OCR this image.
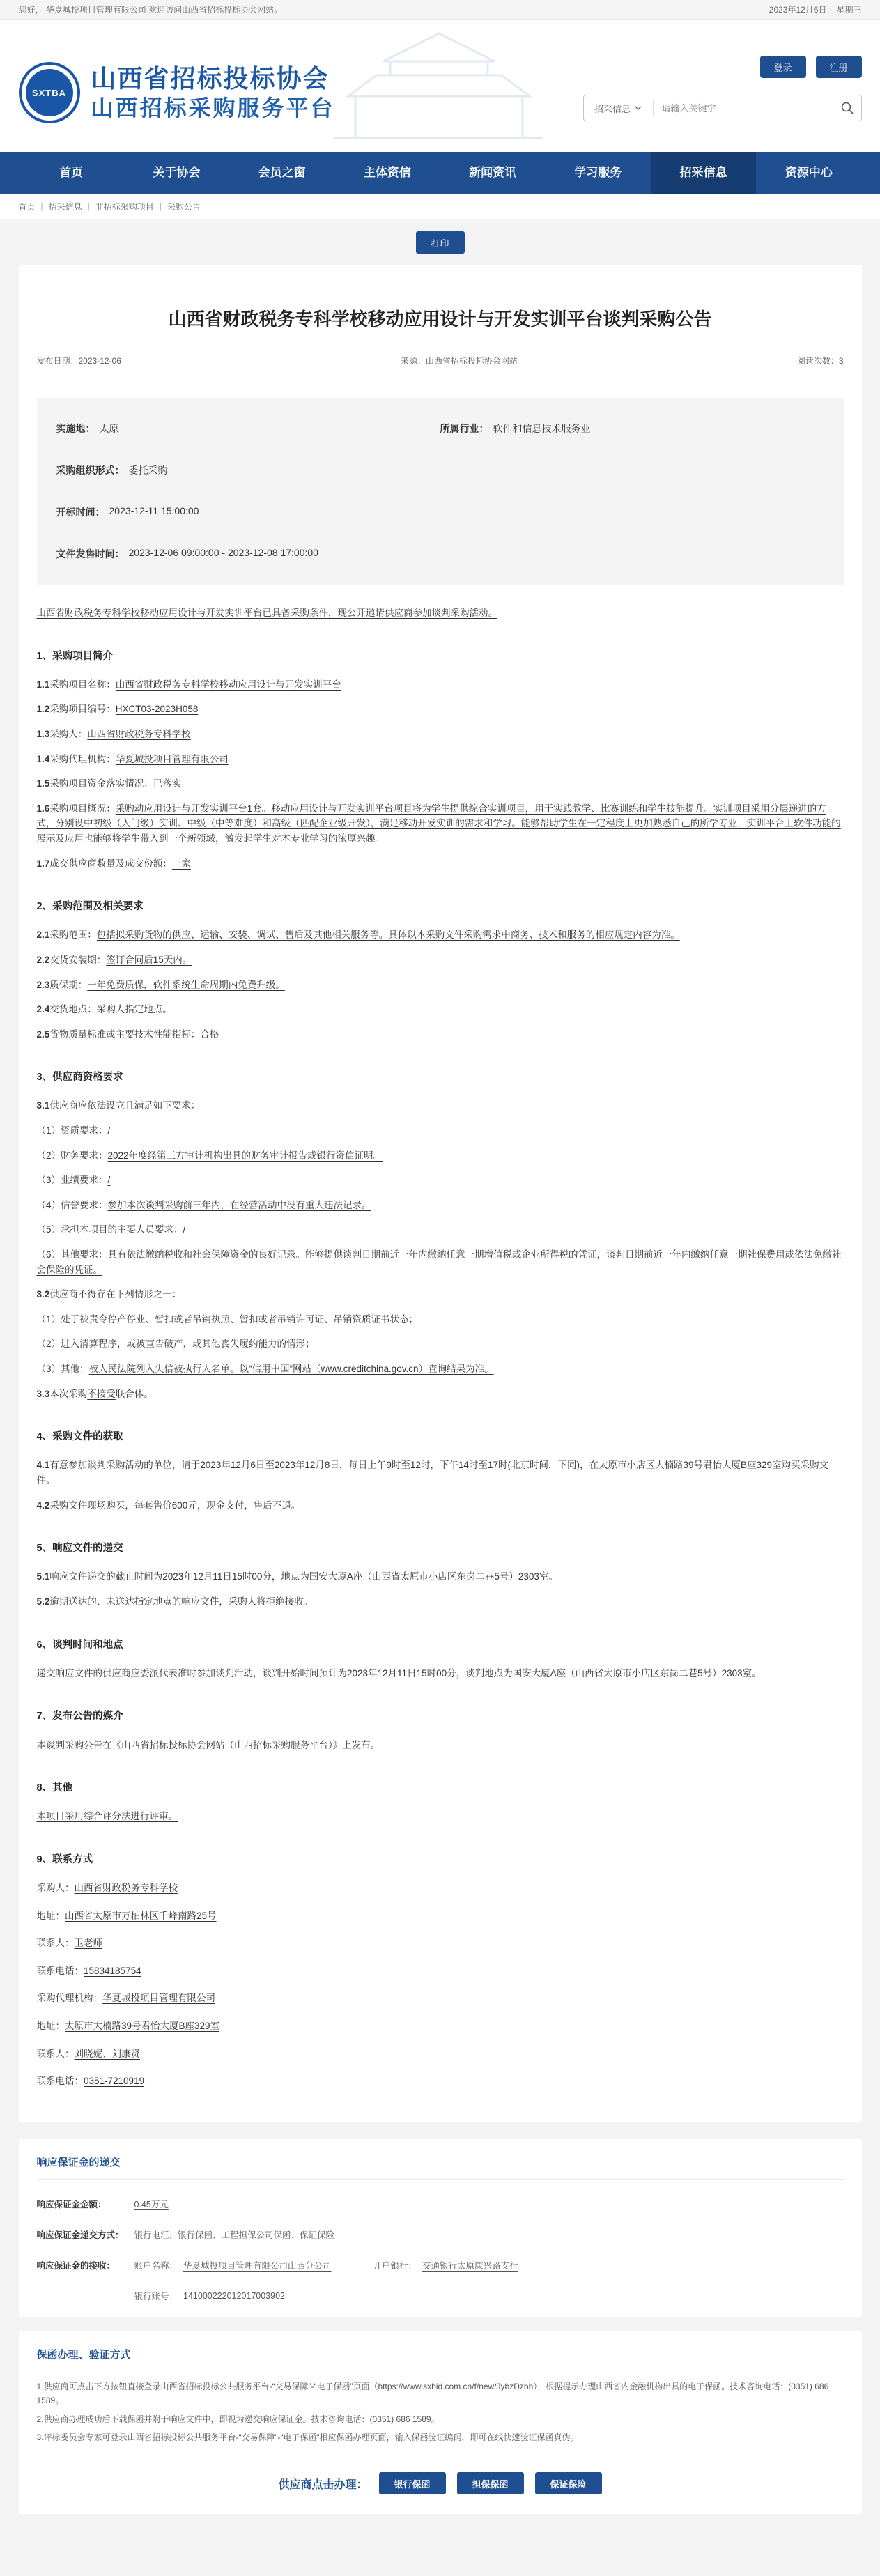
您好， 华夏城投项目管理有限公司 欢迎访问山西省招标投标协会网站。	2023年12月6日 星期三
SXTBA 山西省招标投标协会
山西招标采购服务平台
登录	注册
招采信息
请输入关键字
首页	关于协会	会员之窗	主体资信	新闻资讯	学习服务	招采信息	资源中心
首页 | 招采信息 | 非招标采购项目 | 采购公告
打印
山西省财政税务专科学校移动应用设计与开发实训平台谈判采购公告
发布日期：2023-12-06	来源：山西省招标投标协会网站	阅读次数：3
实施地： 太原	所属行业： 软件和信息技术服务业
采购组织形式： 委托采购
开标时间： 2023-12-11 15:00:00
文件发售时间： 2023-12-06 09:00:00 - 2023-12-08 17:00:00

山西省财政税务专科学校移动应用设计与开发实训平台已具备采购条件，现公开邀请供应商参加谈判采购活动。

1、采购项目简介
1.1采购项目名称：山西省财政税务专科学校移动应用设计与开发实训平台
1.2采购项目编号：HXCT03-2023H058
1.3采购人：山西省财政税务专科学校
1.4采购代理机构：华夏城投项目管理有限公司
1.5采购项目资金落实情况：已落实
1.6采购项目概况：采购动应用设计与开发实训平台1套。移动应用设计与开发实训平台项目将为学生提供综合实训项目，用于实践教学、比赛训练和学生技能提升。实训项目采用分层递进的方式，分别设中初级（入门级）实训、中级（中等难度）和高级（匹配企业级开发），满足移动开发实训的需求和学习。能够帮助学生在一定程度上更加熟悉自己的所学专业，实训平台上软件功能的展示及应用也能够将学生带入到一个新领域，激发起学生对本专业学习的浓厚兴趣。
1.7成交供应商数量及成交份额：一家
2、采购范围及相关要求
2.1采购范围：包括拟采购货物的供应、运输、安装、调试、售后及其他相关服务等。具体以本采购文件采购需求中商务、技术和服务的相应规定内容为准。
2.2交货安装期：签订合同后15天内。
2.3质保期：一年免费质保，软件系统生命周期内免费升级。
2.4交货地点：采购人指定地点。
2.5货物质量标准或主要技术性能指标：合格
3、供应商资格要求
3.1供应商应依法设立且满足如下要求：
（1）资质要求：/
（2）财务要求：2022年度经第三方审计机构出具的财务审计报告或银行资信证明。
（3）业绩要求：/
（4）信誉要求：参加本次谈判采购前三年内，在经营活动中没有重大违法记录。
（5）承担本项目的主要人员要求：/
（6）其他要求：具有依法缴纳税收和社会保障资金的良好记录。能够提供谈判日期前近一年内缴纳任意一期增值税或企业所得税的凭证，谈判日期前近一年内缴纳任意一期社保费用或依法免缴社会保险的凭证。
3.2供应商不得存在下列情形之一：
（1）处于被责令停产停业、暂扣或者吊销执照、暂扣或者吊销许可证、吊销资质证书状态；
（2）进入清算程序，或被宣告破产，或其他丧失履约能力的情形；
（3）其他：被人民法院列入失信被执行人名单。以“信用中国”网站（www.creditchina.gov.cn）查询结果为准。
3.3本次采购不接受联合体。
4、采购文件的获取
4.1有意参加谈判采购活动的单位，请于2023年12月6日至2023年12月8日，每日上午9时至12时，下午14时至17时(北京时间，下同)，在太原市小店区大楠路39号君怡大厦B座329室购买采购文件。
4.2采购文件现场购买，每套售价600元，现金支付，售后不退。
5、响应文件的递交
5.1响应文件递交的截止时间为2023年12月11日15时00分，地点为国安大厦A座（山西省太原市小店区东岗二巷5号）2303室。
5.2逾期送达的、未送达指定地点的响应文件，采购人将拒绝接收。
6、谈判时间和地点
递交响应文件的供应商应委派代表准时参加谈判活动，谈判开始时间预计为2023年12月11日15时00分，谈判地点为国安大厦A座（山西省太原市小店区东岗二巷5号）2303室。
7、发布公告的媒介
本谈判采购公告在《山西省招标投标协会网站（山西招标采购服务平台）》上发布。
8、其他
本项目采用综合评分法进行评审。
9、联系方式
采购人：山西省财政税务专科学校
地址：山西省太原市万柏林区千峰南路25号
联系人：卫老师
联系电话：15834185754
采购代理机构：华夏城投项目管理有限公司
地址：太原市大楠路39号君怡大厦B座329室
联系人：刘晓妮、刘康贤
联系电话：0351-7210919
响应保证金的递交
响应保证金金额：	0.45万元
响应保证金递交方式：	银行电汇、银行保函、工程担保公司保函、保证保险
响应保证金的接收：	账户名称： 华夏城投项目管理有限公司山西分公司	开户银行： 交通银行太原康兴路支行
银行账号： 141000222012017003902
保函办理、验证方式
1.供应商可点击下方按钮直接登录山西省招标投标公共服务平台-“交易保障”-“电子保函”页面（https://www.sxbid.com.cn/f/new/JybzDzbh），根据提示办理山西省内金融机构出具的电子保函。技术咨询电话：(0351) 686 1589。
2.供应商办理成功后下载保函并附于响应文件中，即视为递交响应保证金。技术咨询电话：(0351) 686 1589。
3.评标委员会专家可登录山西省招标投标公共服务平台-“交易保障”-“电子保函”相应保函办理页面，输入保函验证编码，即可在线快速验证保函真伪。
供应商点击办理：	银行保函	担保保函	保证保险
